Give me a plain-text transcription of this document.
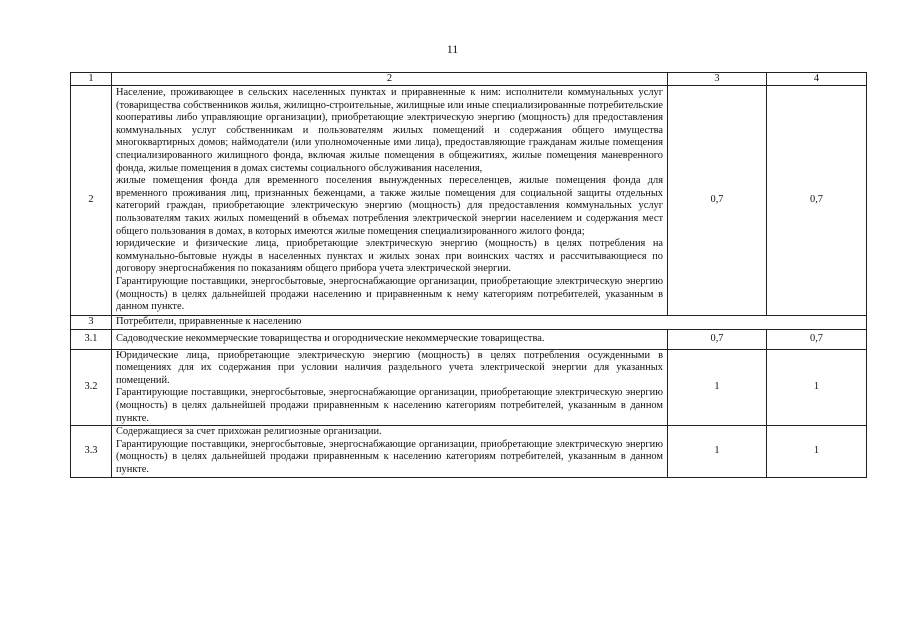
11
1	2	3	4
2	Население, проживающее в сельских населенных пунктах и приравненные к ним: исполнители коммунальных услуг (товарищества собственников жилья, жилищно-строительные, жилищные или иные специализированные потребительские кооперативы либо управляющие организации), приобретающие электрическую энергию (мощность) для предоставления коммунальных услуг собственникам и пользователям жилых помещений и содержания общего имущества многоквартирных домов; наймодатели (или уполномоченные ими лица), предоставляющие гражданам жилые помещения специализированного жилищного фонда, включая жилые помещения в общежитиях, жилые помещения маневренного фонда, жилые помещения в домах системы социального обслуживания населения,

жилые помещения фонда для временного поселения вынужденных переселенцев, жилые помещения фонда для временного проживания лиц, признанных беженцами, а также жилые помещения для социальной защиты отдельных категорий граждан, приобретающие электрическую энергию (мощность) для предоставления коммунальных услуг пользователям таких жилых помещений в объемах потребления электрической энергии населением и содержания мест общего пользования в домах, в которых имеются жилые помещения специализированного жилого фонда;

юридические и физические лица, приобретающие электрическую энергию (мощность) в целях потребления на коммунально-бытовые нужды в населенных пунктах и жилых зонах при воинских частях и рассчитывающиеся по договору энергоснабжения по показаниям общего прибора учета электрической энергии.

Гарантирующие поставщики, энергосбытовые, энергоснабжающие организации, приобретающие электрическую энергию (мощность) в целях дальнейшей продажи населению и приравненным к нему категориям потребителей, указанным в данном пункте.	0,7	0,7
3	Потребители, приравненные к населению		

3.1	Садоводческие некоммерческие товарищества и огороднические некоммерческие товарищества.	0,7	0,7
3.2	Юридические лица, приобретающие электрическую энергию (мощность) в целях потребления осужденными в помещениях для их содержания при условии наличия раздельного учета электрической энергии для указанных помещений.

Гарантирующие поставщики, энергосбытовые, энергоснабжающие организации, приобретающие электрическую энергию (мощность) в целях дальнейшей продажи приравненным к населению категориям потребителей, указанным в данном пункте.	1	1
3.3	Содержащиеся за счет прихожан религиозные организации.

Гарантирующие поставщики, энергосбытовые, энергоснабжающие организации, приобретающие электрическую энергию (мощность) в целях дальнейшей продажи приравненным к населению категориям потребителей, указанным в данном пункте.	1	1
